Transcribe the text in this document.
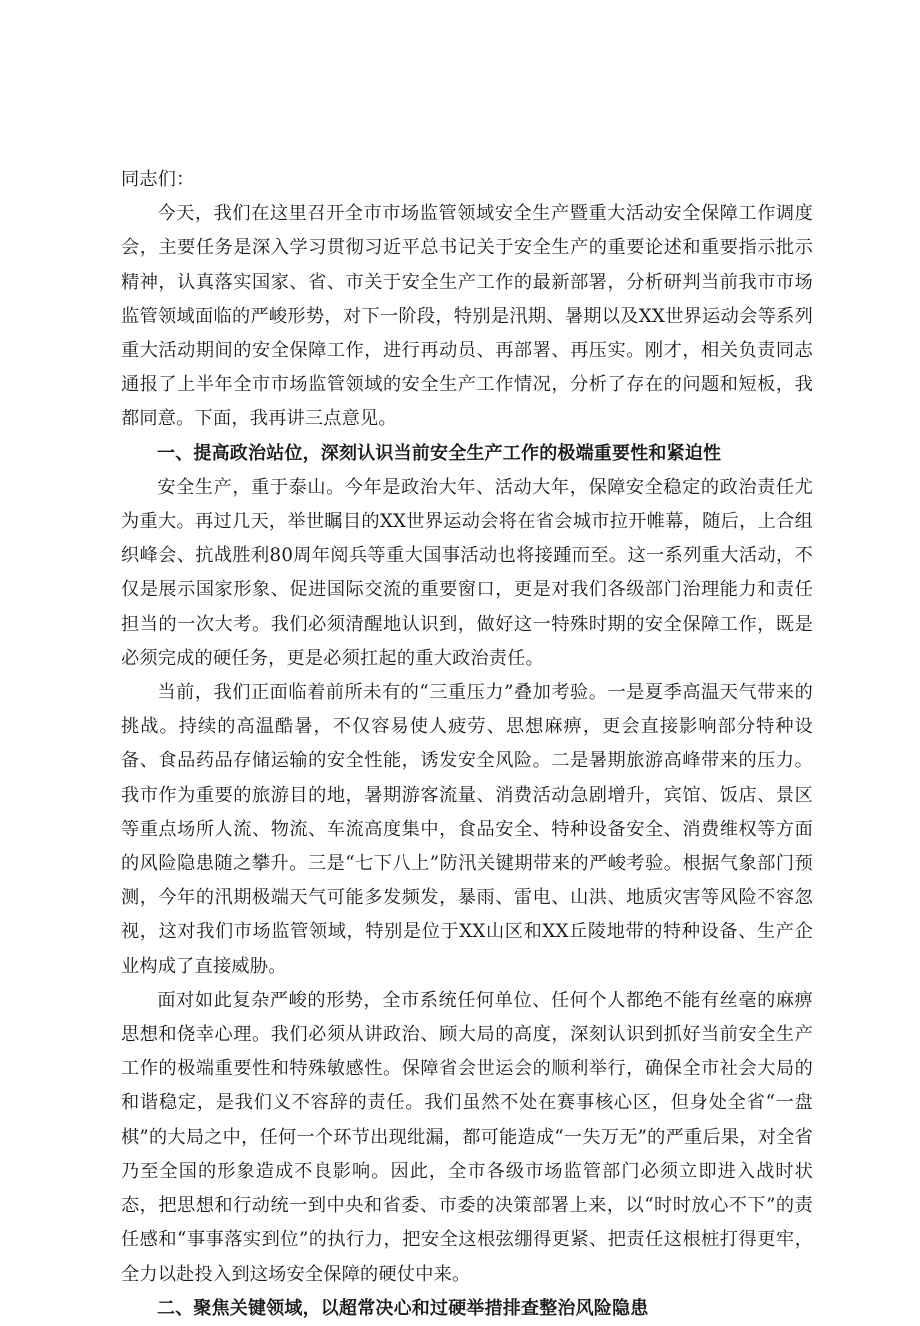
同志们：

今天，我们在这里召开全市市场监管领域安全生产暨重大活动安全保障工作调度会，主要任务是深入学习贯彻习近平总书记关于安全生产的重要论述和重要指示批示精神，认真落实国家、省、市关于安全生产工作的最新部署，分析研判当前我市市场监管领域面临的严峻形势，对下一阶段，特别是汛期、暑期以及XX世界运动会等系列重大活动期间的安全保障工作，进行再动员、再部署、再压实。刚才，相关负责同志通报了上半年全市市场监管领域的安全生产工作情况，分析了存在的问题和短板，我都同意。下面，我再讲三点意见。

一、提高政治站位，深刻认识当前安全生产工作的极端重要性和紧迫性

安全生产，重于泰山。今年是政治大年、活动大年，保障安全稳定的政治责任尤为重大。再过几天，举世瞩目的XX世界运动会将在省会城市拉开帷幕，随后，上合组织峰会、抗战胜利80周年阅兵等重大国事活动也将接踵而至。这一系列重大活动，不仅是展示国家形象、促进国际交流的重要窗口，更是对我们各级部门治理能力和责任担当的一次大考。我们必须清醒地认识到，做好这一特殊时期的安全保障工作，既是必须完成的硬任务，更是必须扛起的重大政治责任。

当前，我们正面临着前所未有的“三重压力”叠加考验。一是夏季高温天气带来的挑战。持续的高温酷暑，不仅容易使人疲劳、思想麻痹，更会直接影响部分特种设备、食品药品存储运输的安全性能，诱发安全风险。二是暑期旅游高峰带来的压力。我市作为重要的旅游目的地，暑期游客流量、消费活动急剧增升，宾馆、饭店、景区等重点场所人流、物流、车流高度集中，食品安全、特种设备安全、消费维权等方面的风险隐患随之攀升。三是“七下八上”防汛关键期带来的严峻考验。根据气象部门预测，今年的汛期极端天气可能多发频发，暴雨、雷电、山洪、地质灾害等风险不容忽视，这对我们市场监管领域，特别是位于XX山区和XX丘陵地带的特种设备、生产企业构成了直接威胁。

面对如此复杂严峻的形势，全市系统任何单位、任何个人都绝不能有丝毫的麻痹思想和侥幸心理。我们必须从讲政治、顾大局的高度，深刻认识到抓好当前安全生产工作的极端重要性和特殊敏感性。保障省会世运会的顺利举行，确保全市社会大局的和谐稳定，是我们义不容辞的责任。我们虽然不处在赛事核心区，但身处全省“一盘棋”的大局之中，任何一个环节出现纰漏，都可能造成“一失万无”的严重后果，对全省乃至全国的形象造成不良影响。因此，全市各级市场监管部门必须立即进入战时状态，把思想和行动统一到中央和省委、市委的决策部署上来，以“时时放心不下”的责任感和“事事落实到位”的执行力，把安全这根弦绷得更紧、把责任这根桩打得更牢，全力以赴投入到这场安全保障的硬仗中来。

二、聚焦关键领域，以超常决心和过硬举措排查整治风险隐患
